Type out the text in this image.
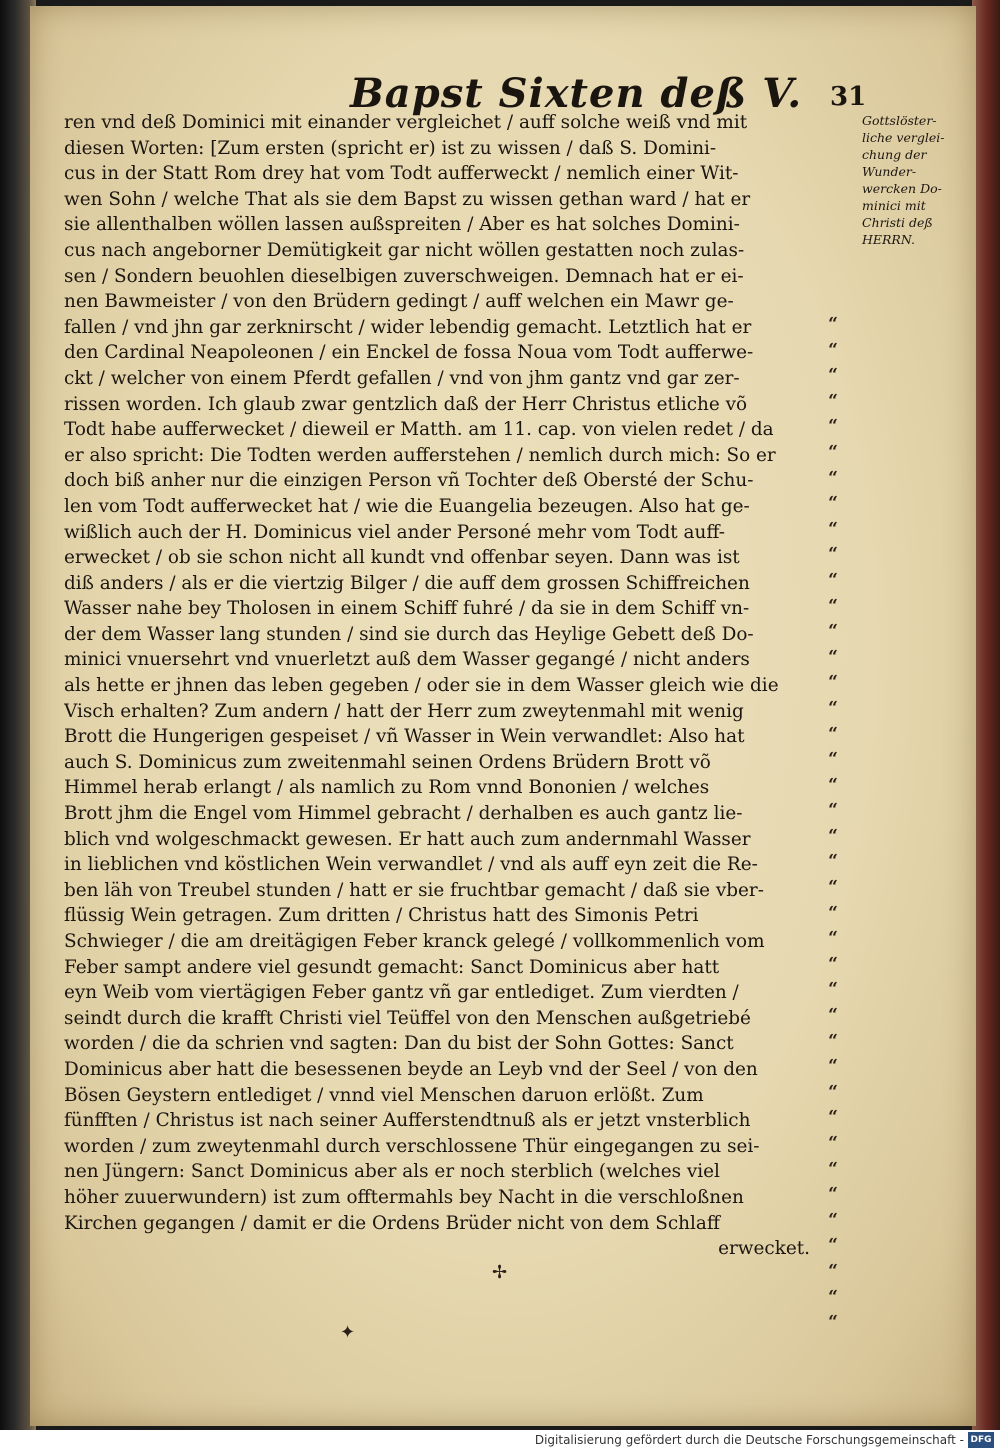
Bapst Sixten deß V. 31
Gottslöster-
liche verglei-
chung der
Wunder-
wercken Do-
minici mit
Christi deß
HERRN.
ren vnd deß Dominici mit einander vergleichet / auff solche weiß vnd mit
diesen Worten: [Zum ersten (spricht er) ist zu wissen / daß S. Domini-
cus in der Statt Rom drey hat vom Todt aufferweckt / nemlich einer Wit-
wen Sohn / welche That als sie dem Bapst zu wissen gethan ward / hat er
sie allenthalben wöllen lassen außspreiten / Aber es hat solches Domini-
cus nach angeborner Demütigkeit gar nicht wöllen gestatten noch zulas-
sen / Sondern beuohlen dieselbigen zuverschweigen. Demnach hat er ei-
nen Bawmeister / von den Brüdern gedingt / auff welchen ein Mawr ge-
fallen / vnd jhn gar zerknirscht / wider lebendig gemacht. Letztlich hat er
den Cardinal Neapoleonen / ein Enckel de fossa Noua vom Todt aufferwe-
ckt / welcher von einem Pferdt gefallen / vnd von jhm gantz vnd gar zer-
rissen worden. Ich glaub zwar gentzlich daß der Herr Christus etliche võ
Todt habe aufferwecket / dieweil er Matth. am 11. cap. von vielen redet / da
er also spricht: Die Todten werden aufferstehen / nemlich durch mich: So er
doch biß anher nur die einzigen Person vñ Tochter deß Obersté der Schu-
len vom Todt aufferwecket hat / wie die Euangelia bezeugen. Also hat ge-
wißlich auch der H. Dominicus viel ander Personé mehr vom Todt auff-
erwecket / ob sie schon nicht all kundt vnd offenbar seyen. Dann was ist
diß anders / als er die viertzig Bilger / die auff dem grossen Schiffreichen
Wasser nahe bey Tholosen in einem Schiff fuhré / da sie in dem Schiff vn-
der dem Wasser lang stunden / sind sie durch das Heylige Gebett deß Do-
minici vnuersehrt vnd vnuerletzt auß dem Wasser gegangé / nicht anders
als hette er jhnen das leben gegeben / oder sie in dem Wasser gleich wie die
Visch erhalten? Zum andern / hatt der Herr zum zweytenmahl mit wenig
Brott die Hungerigen gespeiset / vñ Wasser in Wein verwandlet: Also hat
auch S. Dominicus zum zweitenmahl seinen Ordens Brüdern Brott võ
Himmel herab erlangt / als namlich zu Rom vnnd Bononien / welches
Brott jhm die Engel vom Himmel gebracht / derhalben es auch gantz lie-
blich vnd wolgeschmackt gewesen. Er hatt auch zum andernmahl Wasser
in lieblichen vnd köstlichen Wein verwandlet / vnd als auff eyn zeit die Re-
ben läh von Treubel stunden / hatt er sie fruchtbar gemacht / daß sie vber-
flüssig Wein getragen. Zum dritten / Christus hatt des Simonis Petri
Schwieger / die am dreitägigen Feber kranck gelegé / vollkommenlich vom
Feber sampt andere viel gesundt gemacht: Sanct Dominicus aber hatt
eyn Weib vom viertägigen Feber gantz vñ gar entlediget. Zum vierdten /
seindt durch die krafft Christi viel Teüffel von den Menschen außgetriebé
worden / die da schrien vnd sagten: Dan du bist der Sohn Gottes: Sanct
Dominicus aber hatt die besessenen beyde an Leyb vnd der Seel / von den
Bösen Geystern entlediget / vnnd viel Menschen daruon erlößt. Zum
fünfften / Christus ist nach seiner Aufferstendtnuß als er jetzt vnsterblich
worden / zum zweytenmahl durch verschlossene Thür eingegangen zu sei-
nen Jüngern: Sanct Dominicus aber als er noch sterblich (welches viel
höher zuuerwundern) ist zum offtermahls bey Nacht in die verschloßnen
Kirchen gegangen / damit er die Ordens Brüder nicht von dem Schlaff
erwecket.
“
“
“
“
“
“
“
“
“
“
“
“
“
“
“
“
“
“
“
“
“
“
“
“
“
“
“
“
“
“
“
“
“
“
“
“
“
“
“
“
✢
✦
Digitalisierung gefördert durch die Deutsche Forschungsgemeinschaft - DFG
